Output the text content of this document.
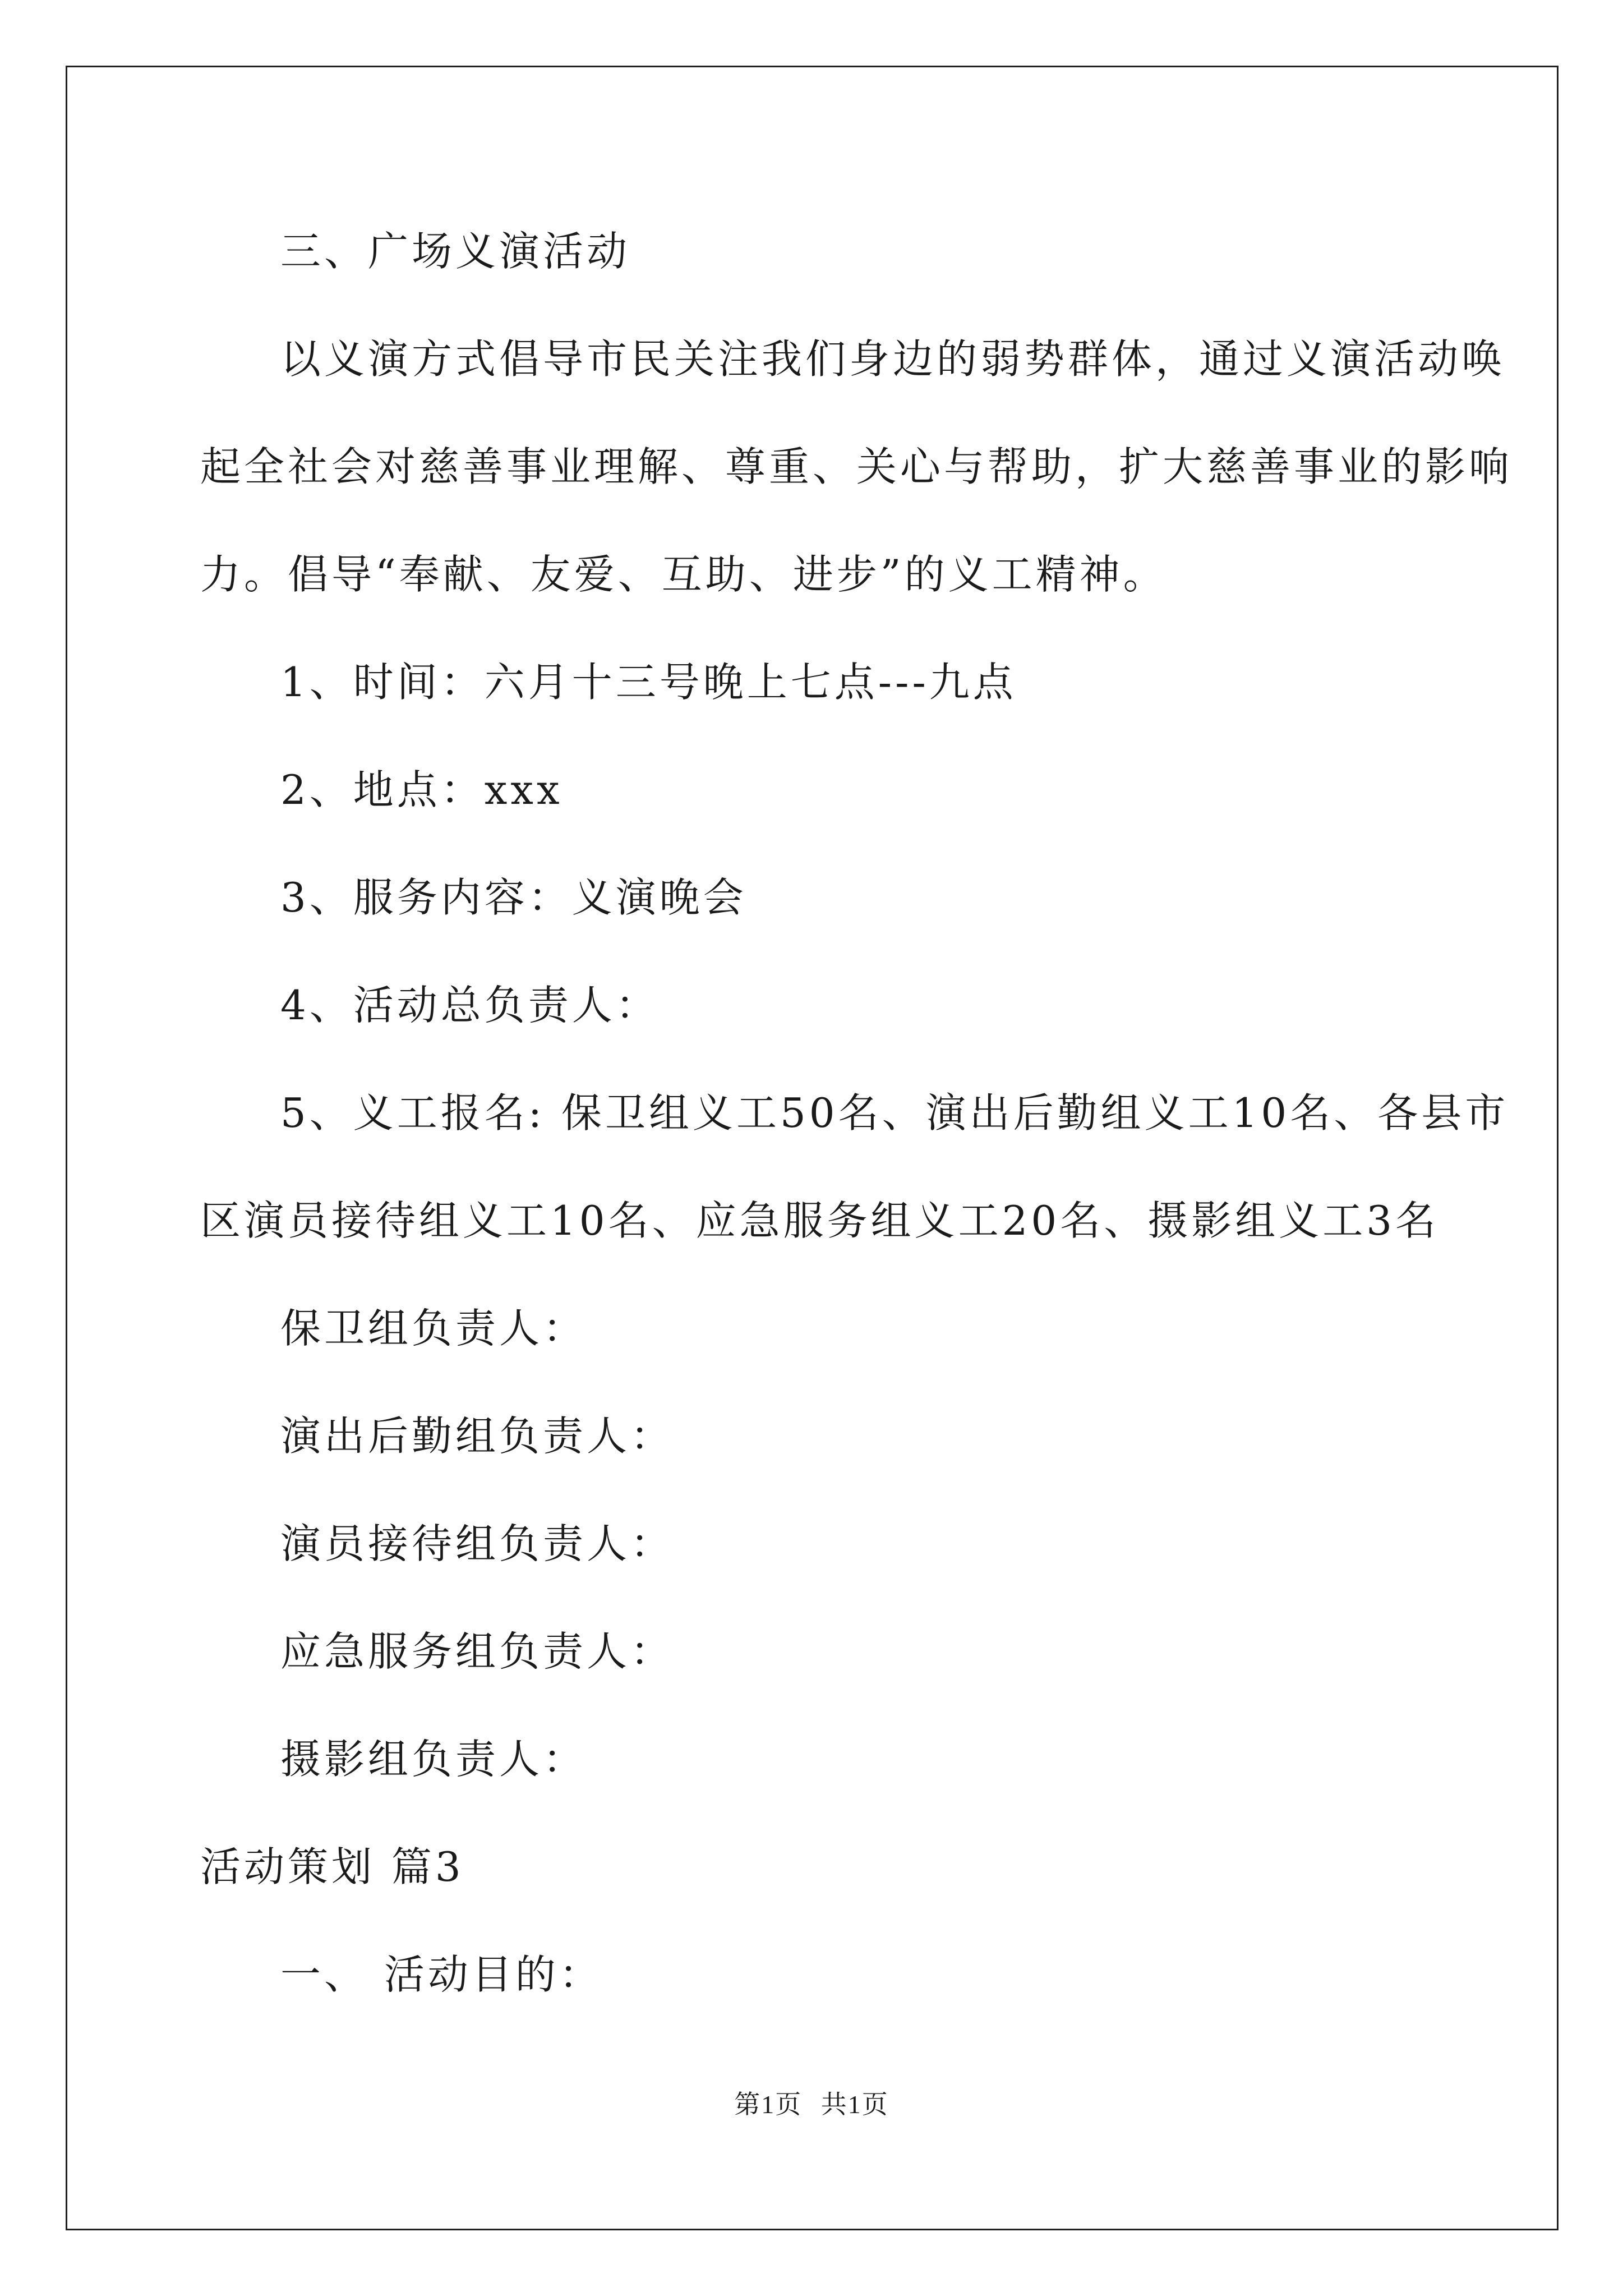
三、广场义演活动
以义演方式倡导市民关注我们身边的弱势群体，通过义演活动唤
起全社会对慈善事业理解、尊重、关心与帮助，扩大慈善事业的影响
力。倡导“奉献、友爱、互助、进步”的义工精神。
1、时间：六月十三号晚上七点---九点
2、地点：xxx
3、服务内容：义演晚会
4、活动总负责人：
5、义工报名: 保卫组义工50名、演出后勤组义工10名、各县市
区演员接待组义工10名、应急服务组义工20名、摄影组义工3名
保卫组负责人：
演出后勤组负责人：
演员接待组负责人：
应急服务组负责人：
摄影组负责人：
活动策划 篇3
一、 活动目的：
第1页 共1页
